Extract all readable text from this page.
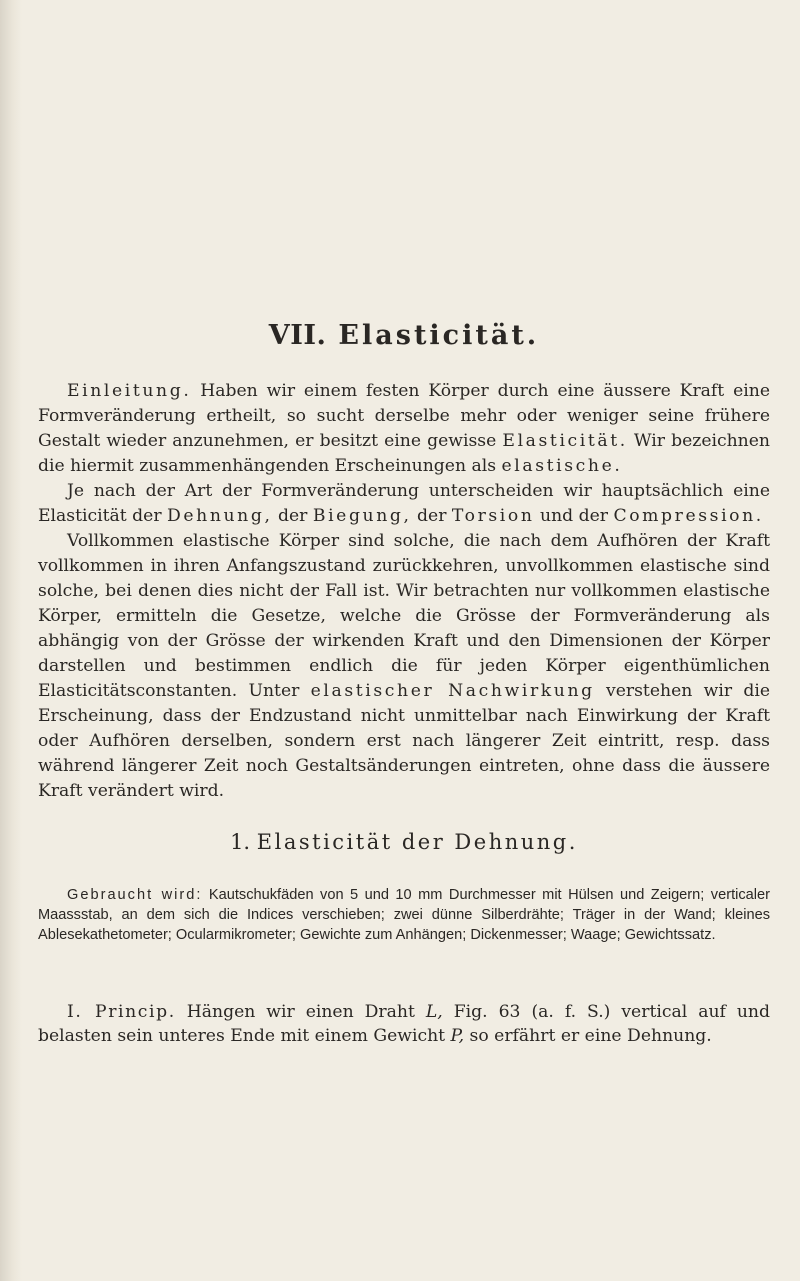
VII. Elasticität.

Einleitung. Haben wir einem festen Körper durch eine äussere Kraft eine Formveränderung ertheilt, so sucht derselbe mehr oder weniger seine frühere Gestalt wieder anzunehmen, er besitzt eine gewisse Elasticität. Wir bezeichnen die hiermit zusammenhängenden Erscheinungen als elastische.

Je nach der Art der Formveränderung unterscheiden wir hauptsächlich eine Elasticität der Dehnung, der Biegung, der Torsion und der Compression.

Vollkommen elastische Körper sind solche, die nach dem Aufhören der Kraft vollkommen in ihren Anfangszustand zurückkehren, unvollkommen elastische sind solche, bei denen dies nicht der Fall ist. Wir betrachten nur vollkommen elastische Körper, ermitteln die Gesetze, welche die Grösse der Formveränderung als abhängig von der Grösse der wirkenden Kraft und den Dimensionen der Körper darstellen und bestimmen endlich die für jeden Körper eigenthümlichen Elasticitätsconstanten. Unter elastischer Nachwirkung verstehen wir die Erscheinung, dass der Endzustand nicht unmittelbar nach Einwirkung der Kraft oder Aufhören derselben, sondern erst nach längerer Zeit eintritt, resp. dass während längerer Zeit noch Gestaltsänderungen eintreten, ohne dass die äussere Kraft verändert wird.

1. Elasticität der Dehnung.

Gebraucht wird: Kautschukfäden von 5 und 10 mm Durchmesser mit Hülsen und Zeigern; verticaler Maassstab, an dem sich die Indices verschieben; zwei dünne Silberdrähte; Träger in der Wand; kleines Ablesekathetometer; Ocularmikrometer; Gewichte zum Anhängen; Dickenmesser; Waage; Gewichtssatz.

I. Princip. Hängen wir einen Draht L, Fig. 63 (a. f. S.) vertical auf und belasten sein unteres Ende mit einem Gewicht P, so erfährt er eine Dehnung.
